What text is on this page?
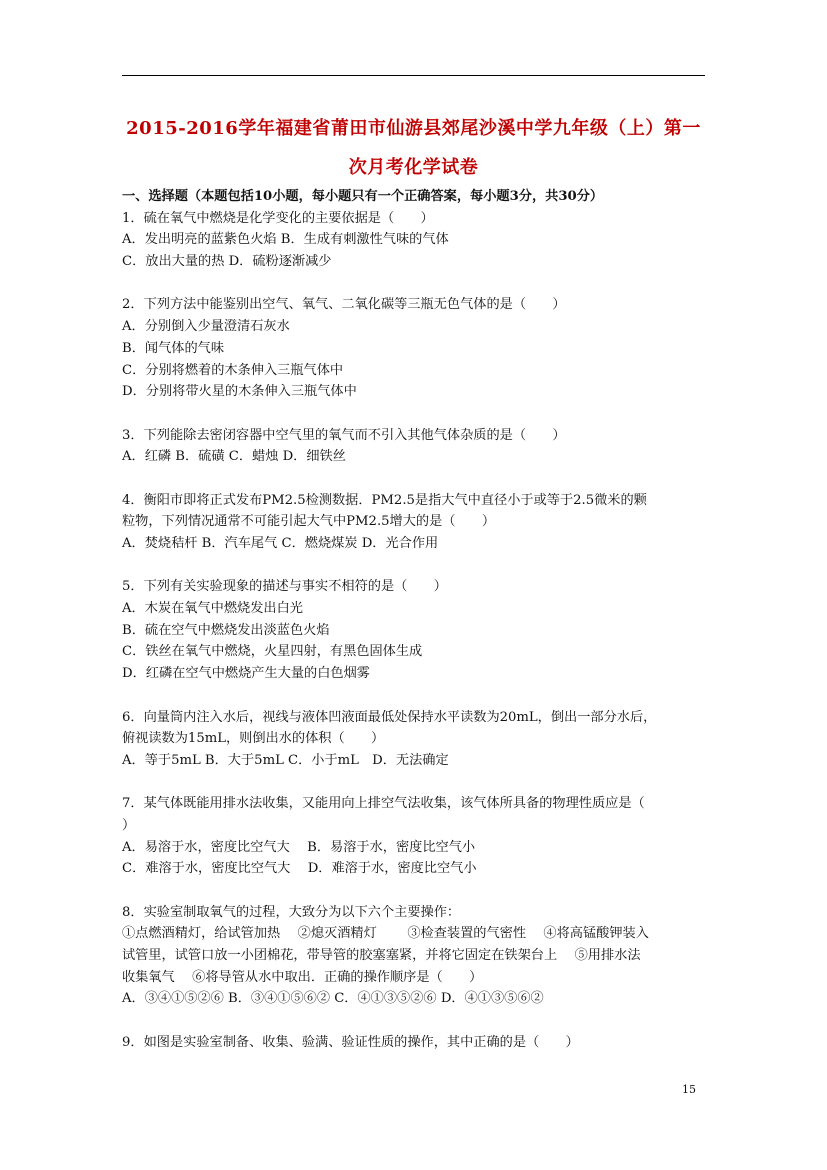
2015-2016学年福建省莆田市仙游县郊尾沙溪中学九年级（上）第一
次月考化学试卷
一、选择题（本题包括10小题，每小题只有一个正确答案，每小题3分，共30分）
1．硫在氧气中燃烧是化学变化的主要依据是（　　）
A．发出明亮的蓝紫色火焰 B．生成有刺激性气味的气体
C．放出大量的热 D．硫粉逐渐减少
2．下列方法中能鉴别出空气、氧气、二氧化碳等三瓶无色气体的是（　　）
A．分别倒入少量澄清石灰水
B．闻气体的气味
C．分别将燃着的木条伸入三瓶气体中
D．分别将带火星的木条伸入三瓶气体中
3．下列能除去密闭容器中空气里的氧气而不引入其他气体杂质的是（　　）
A．红磷 B．硫磺 C．蜡烛 D．细铁丝
4．衡阳市即将正式发布PM2.5检测数据．PM2.5是指大气中直径小于或等于2.5微米的颗
粒物，下列情况通常不可能引起大气中PM2.5增大的是（　　）
A．焚烧秸杆 B．汽车尾气 C．燃烧煤炭 D．光合作用
5．下列有关实验现象的描述与事实不相符的是（　　）
A．木炭在氧气中燃烧发出白光
B．硫在空气中燃烧发出淡蓝色火焰
C．铁丝在氧气中燃烧，火星四射，有黑色固体生成
D．红磷在空气中燃烧产生大量的白色烟雾
6．向量筒内注入水后，视线与液体凹液面最低处保持水平读数为20mL，倒出一部分水后，
俯视读数为15mL，则倒出水的体积（　　）
A．等于5mL B．大于5mL C．小于mL　D．无法确定
7．某气体既能用排水法收集，又能用向上排空气法收集，该气体所具备的物理性质应是（
）
A．易溶于水，密度比空气大　 B．易溶于水，密度比空气小
C．难溶于水，密度比空气大　 D．难溶于水，密度比空气小
8．实验室制取氧气的过程，大致分为以下六个主要操作：
①点燃酒精灯，给试管加热　 ②熄灭酒精灯　　 ③检查装置的气密性　 ④将高锰酸钾装入
试管里，试管口放一小团棉花，带导管的胶塞塞紧，并将它固定在铁架台上　 ⑤用排水法
收集氧气　 ⑥将导管从水中取出．正确的操作顺序是（　　）
A．③④①⑤②⑥ B．③④①⑤⑥② C．④①③⑤②⑥ D．④①③⑤⑥②
9．如图是实验室制备、收集、验满、验证性质的操作，其中正确的是（　　）
15
